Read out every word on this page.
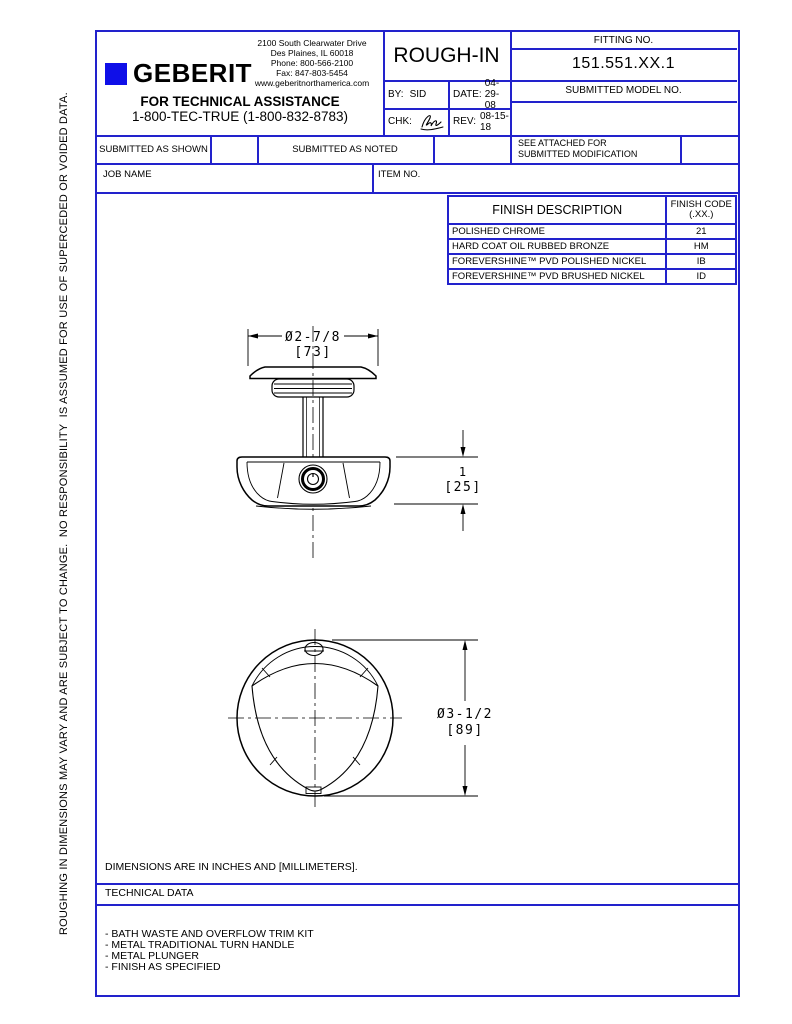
ROUGHING IN DIMENSIONS MAY VARY AND ARE SUBJECT TO CHANGE.  NO RESPONSIBILITY  IS ASSUMED FOR USE OF SUPERCEDED OR VOIDED DATA.
GEBERIT
2100 South Clearwater Drive
Des Plaines, IL 60018
Phone: 800-566-2100
Fax: 847-803-5454
www.geberitnorthamerica.com
FOR TECHNICAL ASSISTANCE
1-800-TEC-TRUE (1-800-832-8783)
ROUGH-IN
BY: SID	DATE:
04-29-08
CHK:	REV: 08-15-18
FITTING NO.
151.551.XX.1
SUBMITTED MODEL NO.
SUBMITTED AS SHOWN	SUBMITTED AS NOTED
SEE ATTACHED FOR
SUBMITTED MODIFICATION
JOB NAME	ITEM NO.
Ø2-7/8
[73]
1
[25]
Ø3-1/2
[89]
FINISH DESCRIPTION	FINISH CODE
(.XX.)
POLISHED CHROME	21
HARD COAT OIL RUBBED BRONZE	HM
FOREVERSHINE™ PVD POLISHED NICKEL	IB
FOREVERSHINE™ PVD BRUSHED NICKEL	ID
DIMENSIONS ARE IN INCHES AND [MILLIMETERS].
TECHNICAL DATA
- BATH WASTE AND OVERFLOW TRIM KIT
- METAL TRADITIONAL TURN HANDLE
- METAL PLUNGER
- FINISH AS SPECIFIED
